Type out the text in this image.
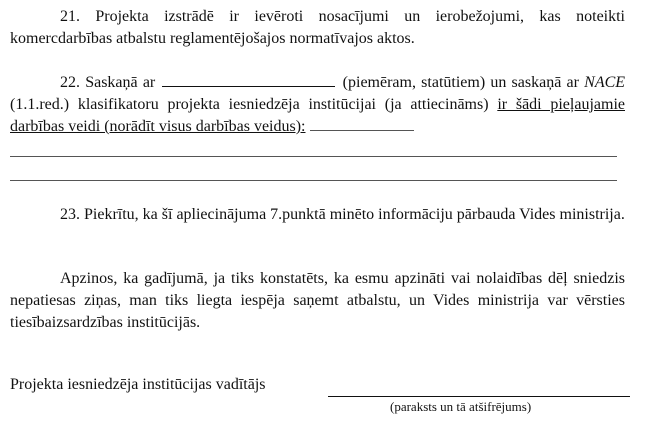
21. Projekta izstrādē ir ievēroti nosacījumi un ierobežojumi, kas noteikti komercdarbības atbalstu reglamentējošajos normatīvajos aktos.

22. Saskaņā ar	(piemēram, statūtiem) un saskaņā ar NACE (1.1.red.) klasifikatoru projekta iesniedzēja institūcijai (ja attiecināms) ir šādi pieļaujamie darbības veidi (norādīt visus darbības veidus):

23. Piekrītu, ka šī apliecinājuma 7.punktā minēto informāciju pārbauda Vides ministrija.

Apzinos, ka gadījumā, ja tiks konstatēts, ka esmu apzināti vai nolaidības dēļ sniedzis nepatiesas ziņas, man tiks liegta iespēja saņemt atbalstu, un Vides ministrija var vērsties tiesībaizsardzības institūcijās.

Projekta iesniedzēja institūcijas vadītājs
(paraksts un tā atšifrējums)
